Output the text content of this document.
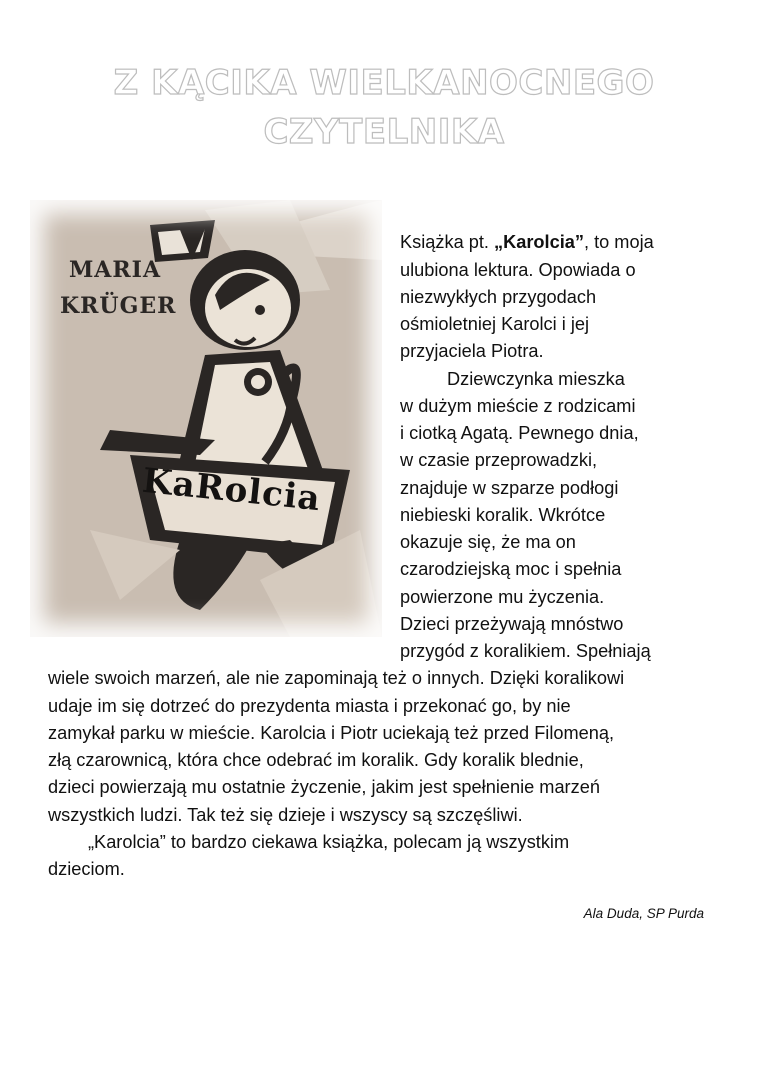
Z KĄCIKA WIELKANOCNEGO
CZYTELNIKA
MARIA
KRÜGER
KaRolcia
Książka pt. „Karolcia”, to moja
ulubiona lektura. Opowiada o
niezwykłych przygodach
ośmioletniej Karolci i jej
przyjaciela Piotra.
Dziewczynka mieszka
w dużym mieście z rodzicami
i ciotką Agatą. Pewnego dnia,
w czasie przeprowadzki,
znajduje w szparze podłogi
niebieski koralik. Wkrótce
okazuje się, że ma on
czarodziejską moc i spełnia
powierzone mu życzenia.
Dzieci przeżywają mnóstwo
przygód z koralikiem. Spełniają
wiele swoich marzeń, ale nie zapominają też o innych. Dzięki koralikowi
udaje im się dotrzeć do prezydenta miasta i przekonać go, by nie
zamykał parku w mieście. Karolcia i Piotr uciekają też przed Filomeną,
złą czarownicą, która chce odebrać im koralik. Gdy koralik blednie,
dzieci powierzają mu ostatnie życzenie, jakim jest spełnienie marzeń
wszystkich ludzi. Tak też się dzieje i wszyscy są szczęśliwi.
„Karolcia” to bardzo ciekawa książka, polecam ją wszystkim
dzieciom.
Ala Duda, SP Purda
